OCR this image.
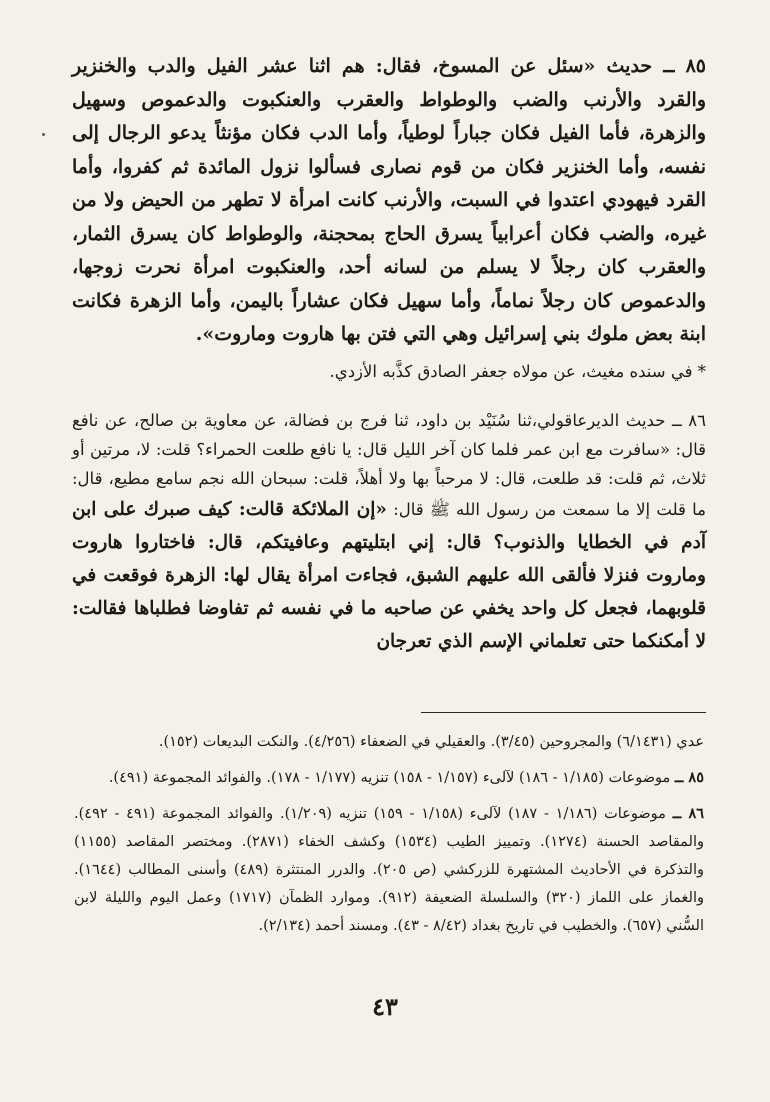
٨٥ ــ حديث «سئل عن المسوخ، فقال: هم اثنا عشر الفيل والدب والخنزير والقرد والأرنب والضب والوطواط والعقرب والعنكبوت والدعموص وسهيل والزهرة، فأما الفيل فكان جباراً لوطياً، وأما الدب فكان مؤنثاً يدعو الرجال إلى نفسه، وأما الخنزير فكان من قوم نصارى فسألوا نزول المائدة ثم كفروا، وأما القرد فيهودي اعتدوا في السبت، والأرنب كانت امرأة لا تطهر من الحيض ولا من غيره، والضب فكان أعرابياً يسرق الحاج بمحجنة، والوطواط كان يسرق الثمار، والعقرب كان رجلاً لا يسلم من لسانه أحد، والعنكبوت امرأة نحرت زوجها، والدعموص كان رجلاً نماماً، وأما سهيل فكان عشاراً باليمن، وأما الزهرة فكانت ابنة بعض ملوك بني إسرائيل وهي التي فتن بها هاروت وماروت».
* في سنده مغيث، عن مولاه جعفر الصادق كذَّبه الأزدي.
٨٦ ــ حديث الديرعاقولي،ثنا سُنَيْد بن داود، ثنا فرج بن فضالة، عن معاوية بن صالح، عن نافع قال: «سافرت مع ابن عمر فلما كان آخر الليل قال: يا نافع طلعت الحمراء؟ قلت: لا، مرتين أو ثلاث، ثم قلت: قد طلعت، قال: لا مرحباً بها ولا أهلاً، قلت: سبحان الله نجم سامع مطيع، قال: ما قلت إلا ما سمعت من رسول الله ﷺ قال: «إن الملائكة قالت: كيف صبرك على ابن آدم في الخطايا والذنوب؟ قال: إني ابتليتهم وعافيتكم، قال: فاختاروا هاروت وماروت فنزلا فألقى الله عليهم الشبق، فجاءت امرأة يقال لها: الزهرة فوقعت في قلوبهما، فجعل كل واحد يخفي عن صاحبه ما في نفسه ثم تفاوضا فطلباها فقالت: لا أمكنكما حتى تعلماني الإسم الذي تعرجان

عدي (٦/١٤٣١) والمجروحين (٣/٤٥). والعقيلي في الضعفاء (٤/٢٥٦). والنكت البديعات (١٥٢).

٨٥ ــ موضوعات (١/١٨٥ - ١٨٦) لآلىء (١/١٥٧ - ١٥٨) تنزيه (١/١٧٧ - ١٧٨). والفوائد المجموعة (٤٩١).

٨٦ ــ موضوعات (١/١٨٦ - ١٨٧) لآلىء (١/١٥٨ - ١٥٩) تنزيه (١/٢٠٩). والفوائد المجموعة (٤٩١ - ٤٩٢). والمقاصد الحسنة (١٢٧٤). وتمييز الطيب (١٥٣٤) وكشف الخفاء (٢٨٧١). ومختصر المقاصد (١١٥٥) والتذكرة في الأحاديث المشتهرة للزركشي (ص ٢٠٥). والدرر المنتثرة (٤٨٩) وأسنى المطالب (١٦٤٤). والغماز على اللماز (٣٢٠) والسلسلة الضعيفة (٩١٢). وموارد الظمآن (١٧١٧) وعمل اليوم والليلة لابن السُّني (٦٥٧). والخطيب في تاريخ بغداد (٨/٤٢ - ٤٣). ومسند أحمد (٢/١٣٤).

٤٣
